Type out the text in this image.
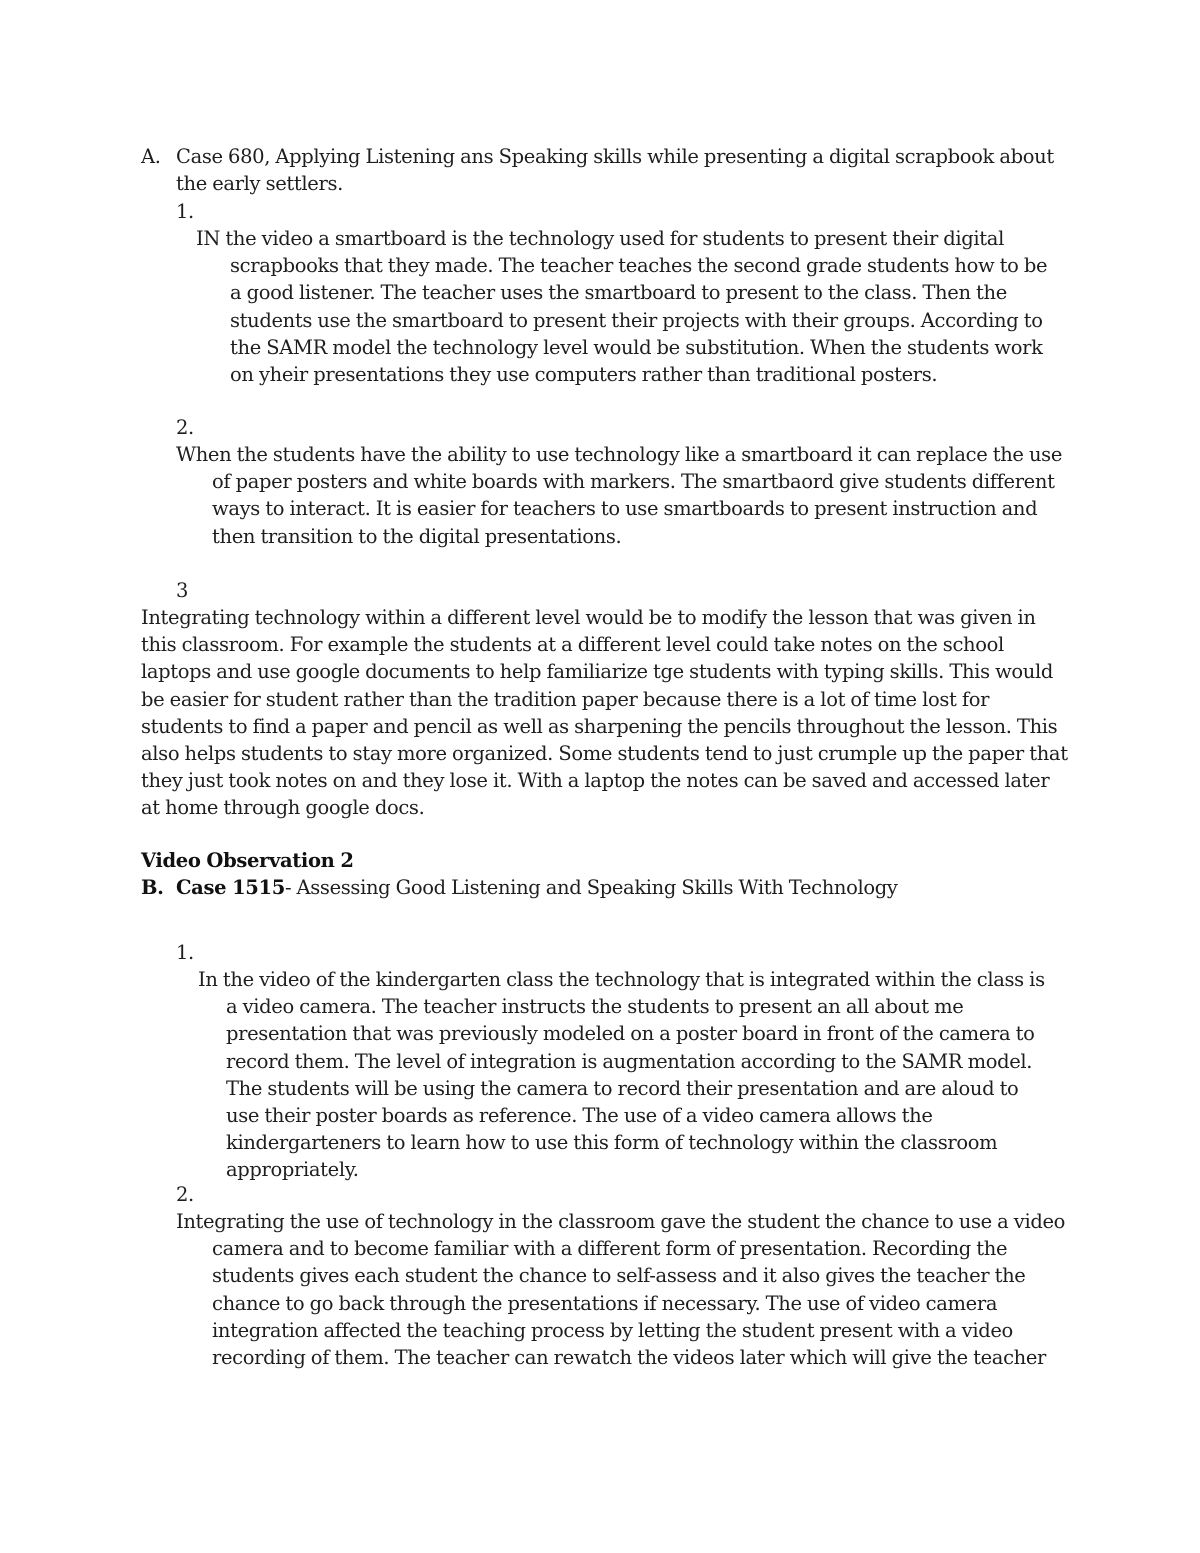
A. Case 680, Applying Listening ans Speaking skills while presenting a digital scrapbook about the early settlers.

1.

IN the video a smartboard is the technology used for students to present their digital scrapbooks that they made. The teacher teaches the second grade students how to be a good listener. The teacher uses the smartboard to present to the class. Then the students use the smartboard to present their projects with their groups. According to the SAMR model the technology level would be substitution. When the students work on yheir presentations they use computers rather than traditional posters.

2.

When the students have the ability to use technology like a smartboard it can replace the use of paper posters and white boards with markers. The smartbaord give students different ways to interact. It is easier for teachers to use smartboards to present instruction and then transition to the digital presentations.

3

Integrating technology within a different level would be to modify the lesson that was given in this classroom. For example the students at a different level could take notes on the school laptops and use google documents to help familiarize tge students with typing skills. This would be easier for student rather than the tradition paper because there is a lot of time lost for students to find a paper and pencil as well as sharpening the pencils throughout the lesson. This also helps students to stay more organized. Some students tend to just crumple up the paper that they just took notes on and they lose it. With a laptop the notes can be saved and accessed later at home through google docs.

Video Observation 2
B. Case 1515- Assessing Good Listening and Speaking Skills With Technology
1.

In the video of the kindergarten class the technology that is integrated within the class is a video camera. The teacher instructs the students to present an all about me presentation that was previously modeled on a poster board in front of the camera to record them. The level of integration is augmentation according to the SAMR model. The students will be using the camera to record their presentation and are aloud to use their poster boards as reference. The use of a video camera allows the kindergarteners to learn how to use this form of technology within the classroom appropriately.

2.

Integrating the use of technology in the classroom gave the student the chance to use a video camera and to become familiar with a different form of presentation. Recording the students gives each student the chance to self-assess and it also gives the teacher the chance to go back through the presentations if necessary. The use of video camera integration affected the teaching process by letting the student present with a video recording of them. The teacher can rewatch the videos later which will give the teacher
